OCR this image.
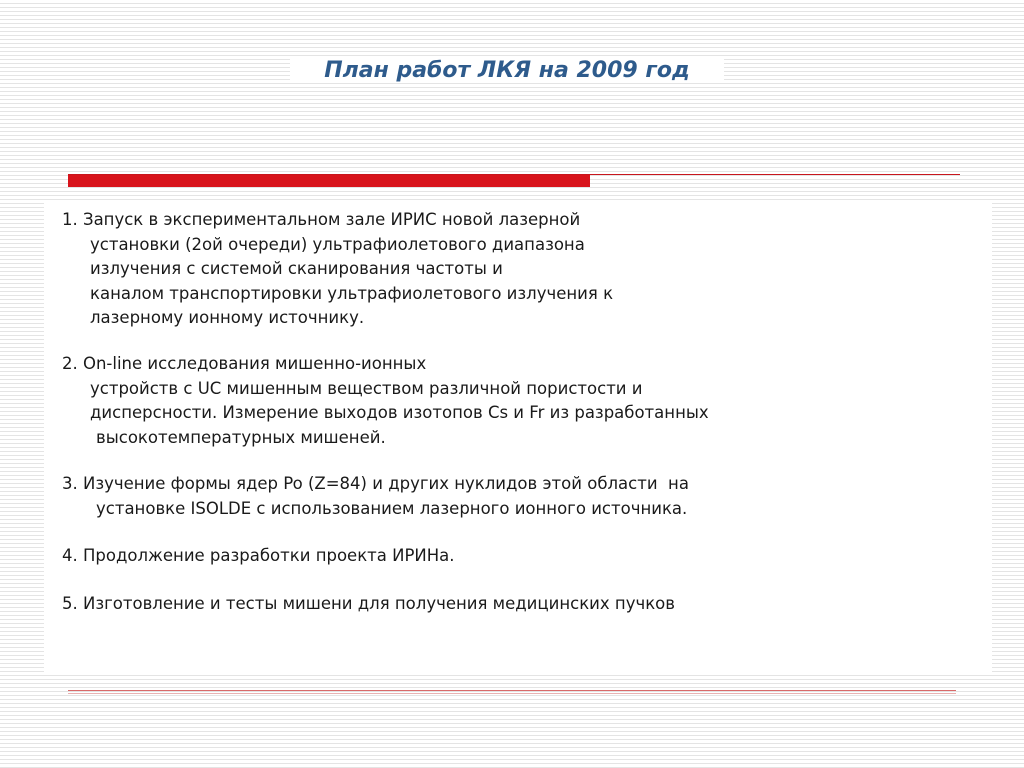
План работ ЛКЯ на 2009 год
1. Запуск в экспериментальном зале ИРИС новой лазерной
установки (2ой очереди) ультрафиолетового диапазона
излучения с системой сканирования частоты и
каналом транспортировки ультрафиолетового излучения к
лазерному ионному источнику.
2. On-line исследования мишенно-ионных
устройств с UC мишенным веществом различной пористости и
дисперсности. Измерение выходов изотопов Cs и Fr из разработанных
высокотемпературных мишеней.
3. Изучение формы ядер Po (Z=84) и других нуклидов этой области  на
установке ISOLDE с использованием лазерного ионного источника.
4. Продолжение разработки проекта ИРИНа.
5. Изготовление и тесты мишени для получения медицинских пучков
